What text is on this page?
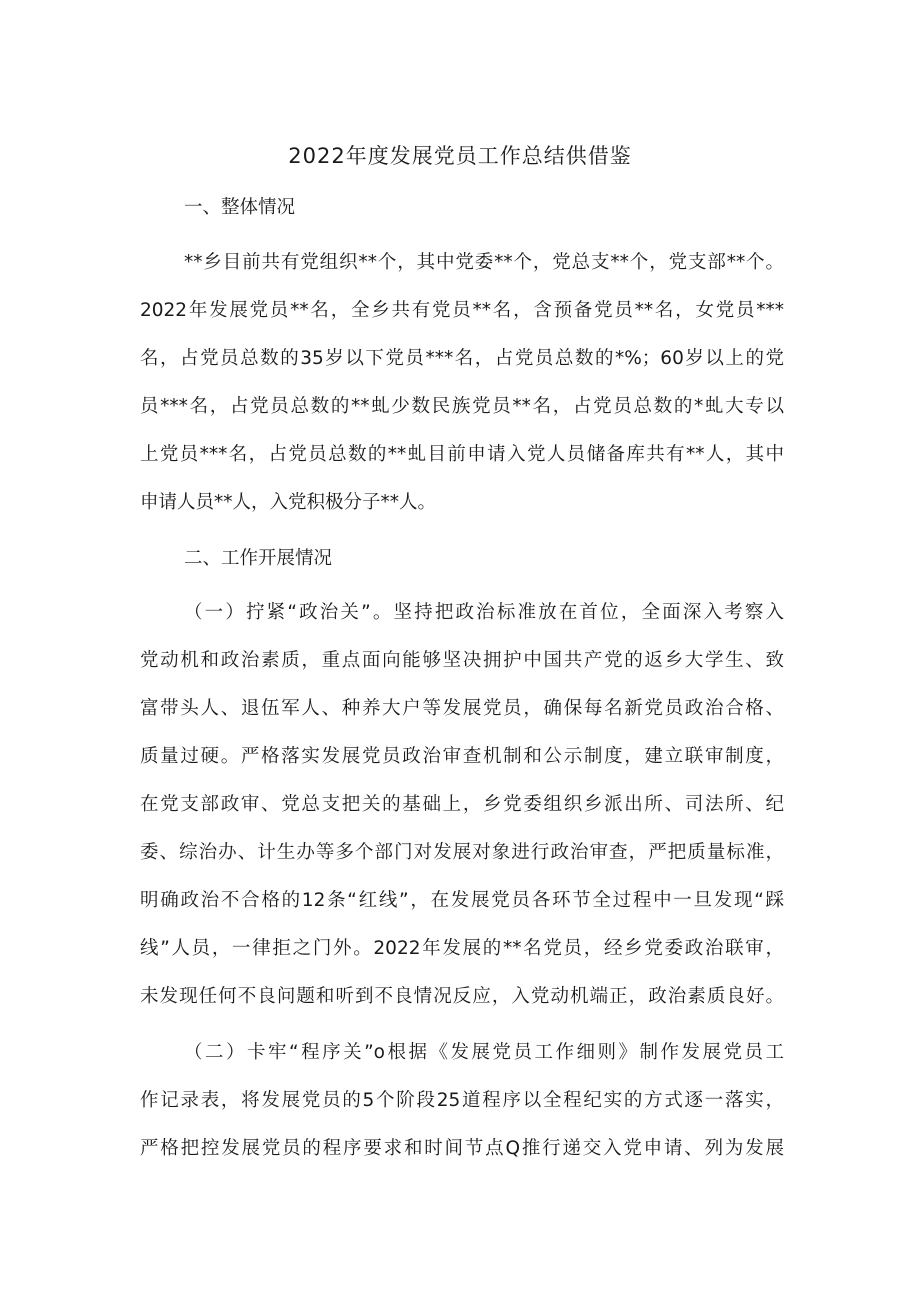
2022年度发展党员工作总结供借鉴

一、整体情况

**乡目前共有党组织**个，其中党委**个，党总支**个，党支部**个。

2022年发展党员**名，全乡共有党员**名，含预备党员**名，女党员***

名，占党员总数的35岁以下党员***名，占党员总数的*%；60岁以上的党

员***名，占党员总数的**虬少数民族党员**名，占党员总数的*虬大专以

上党员***名，占党员总数的**虬目前申请入党人员储备库共有**人，其中

申请人员**人，入党积极分子**人。

二、工作开展情况

（一）拧紧“政治关”。坚持把政治标准放在首位，全面深入考察入

党动机和政治素质，重点面向能够坚决拥护中国共产党的返乡大学生、致

富带头人、退伍军人、种养大户等发展党员，确保每名新党员政治合格、

质量过硬。严格落实发展党员政治审查机制和公示制度，建立联审制度，

在党支部政审、党总支把关的基础上，乡党委组织乡派出所、司法所、纪

委、综治办、计生办等多个部门对发展对象进行政治审查，严把质量标准，

明确政治不合格的12条“红线”，在发展党员各环节全过程中一旦发现“踩

线”人员，一律拒之门外。2022年发展的**名党员，经乡党委政治联审，

未发现任何不良问题和听到不良情况反应，入党动机端正，政治素质良好。

（二）卡牢“程序关”o根据《发展党员工作细则》制作发展党员工

作记录表，将发展党员的5个阶段25道程序以全程纪实的方式逐一落实，

严格把控发展党员的程序要求和时间节点Q推行递交入党申请、列为发展
